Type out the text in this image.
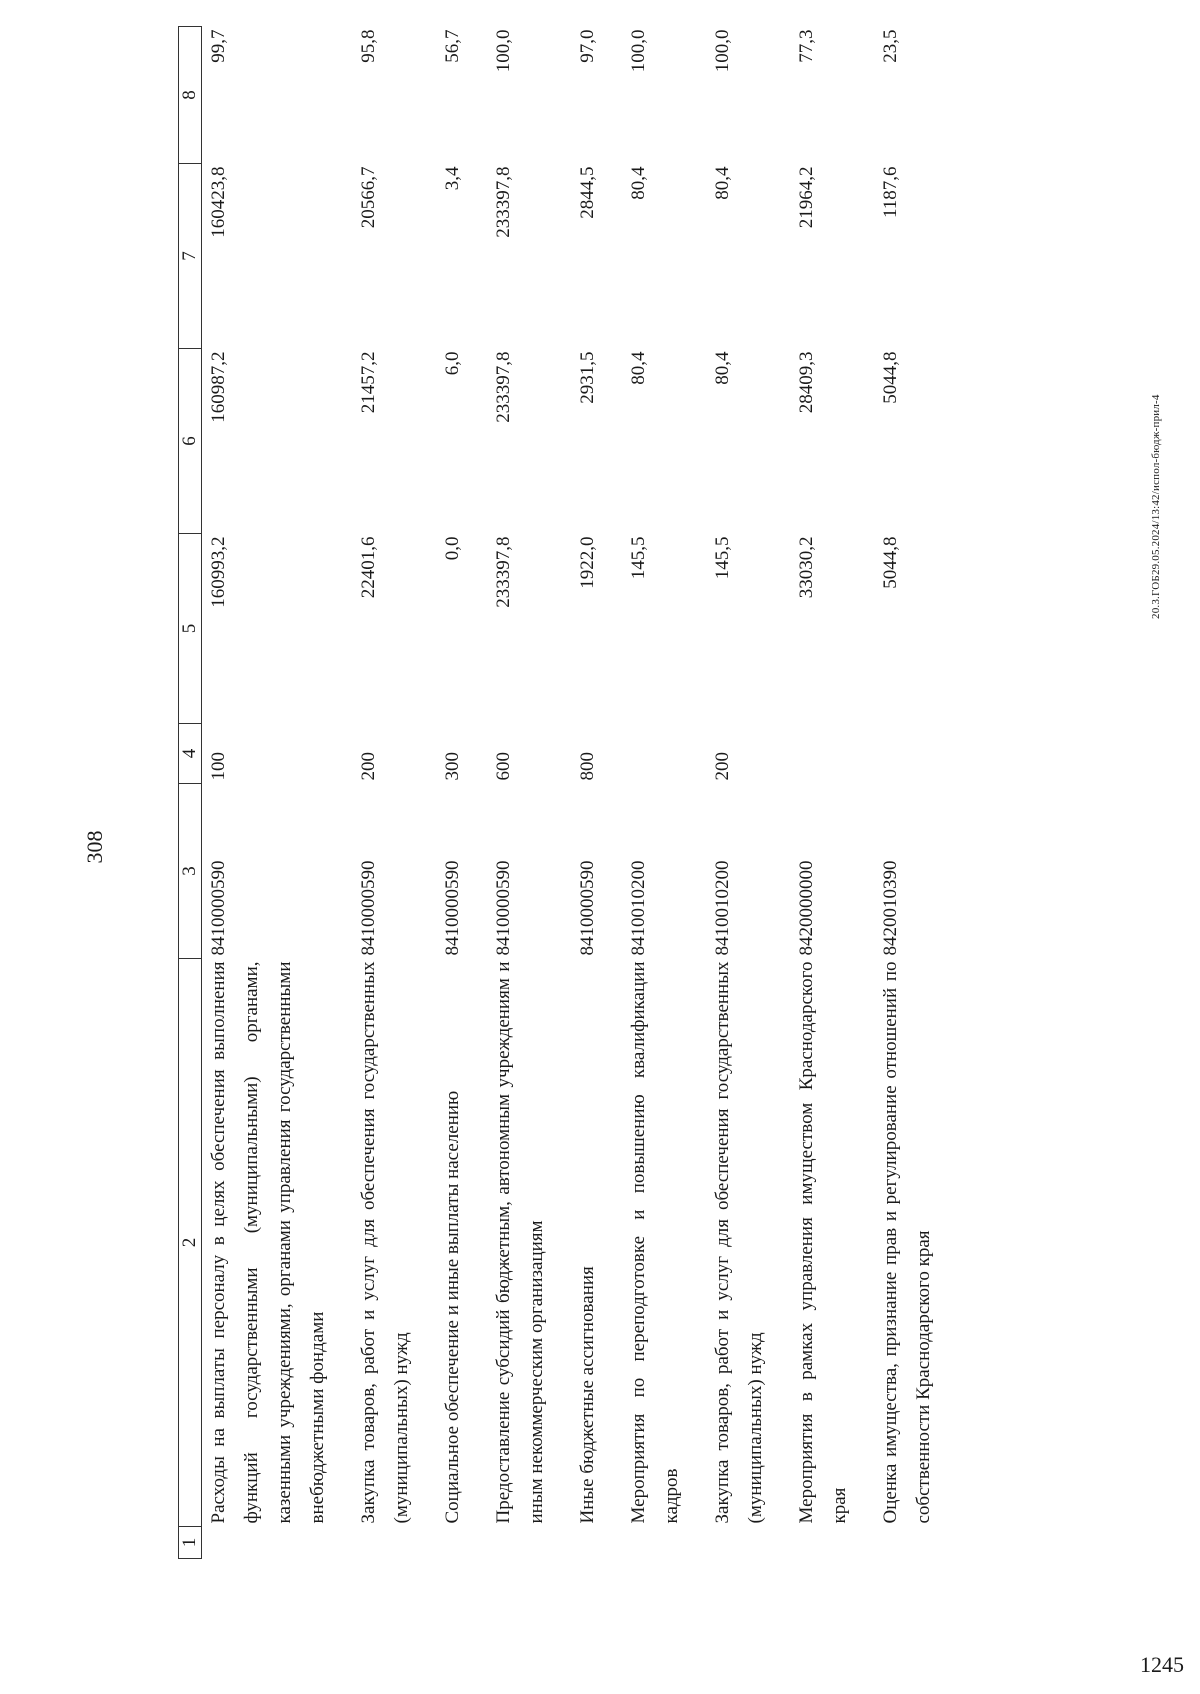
308
1	2	3	4	5	6	7	8
	Расходы на выплаты персоналу в целях обеспечения выполнения функций государственными (муниципальными) органами, казенными учреждениями, органами управления государственными внебюджетными фондами	8410000590	100	160993,2	160987,2	160423,8	99,7

	Закупка товаров, работ и услуг для обеспечения государственных (муниципальных) нужд	8410000590	200	22401,6	21457,2	20566,7	95,8

	Социальное обеспечение и иные выплаты населению	8410000590	300	0,0	6,0	3,4	56,7

	Предоставление субсидий бюджетным, автономным учреждениям и иным некоммерческим организациям	8410000590	600	233397,8	233397,8	233397,8	100,0

	Иные бюджетные ассигнования	8410000590	800	1922,0	2931,5	2844,5	97,0

	Мероприятия по переподготовке и повышению квалификации кадров	8410010200		145,5	80,4	80,4	100,0

	Закупка товаров, работ и услуг для обеспечения государственных (муниципальных) нужд	8410010200	200	145,5	80,4	80,4	100,0

	Мероприятия в рамках управления имуществом Краснодарского края	8420000000		33030,2	28409,3	21964,2	77,3

	Оценка имущества, признание прав и регулирование отношений по собственности Краснодарского края	8420010390		5044,8	5044,8	1187,6	23,5
20.3.ГОБ29.05.2024/13:42/испол-бюдж-прил-4
1245
